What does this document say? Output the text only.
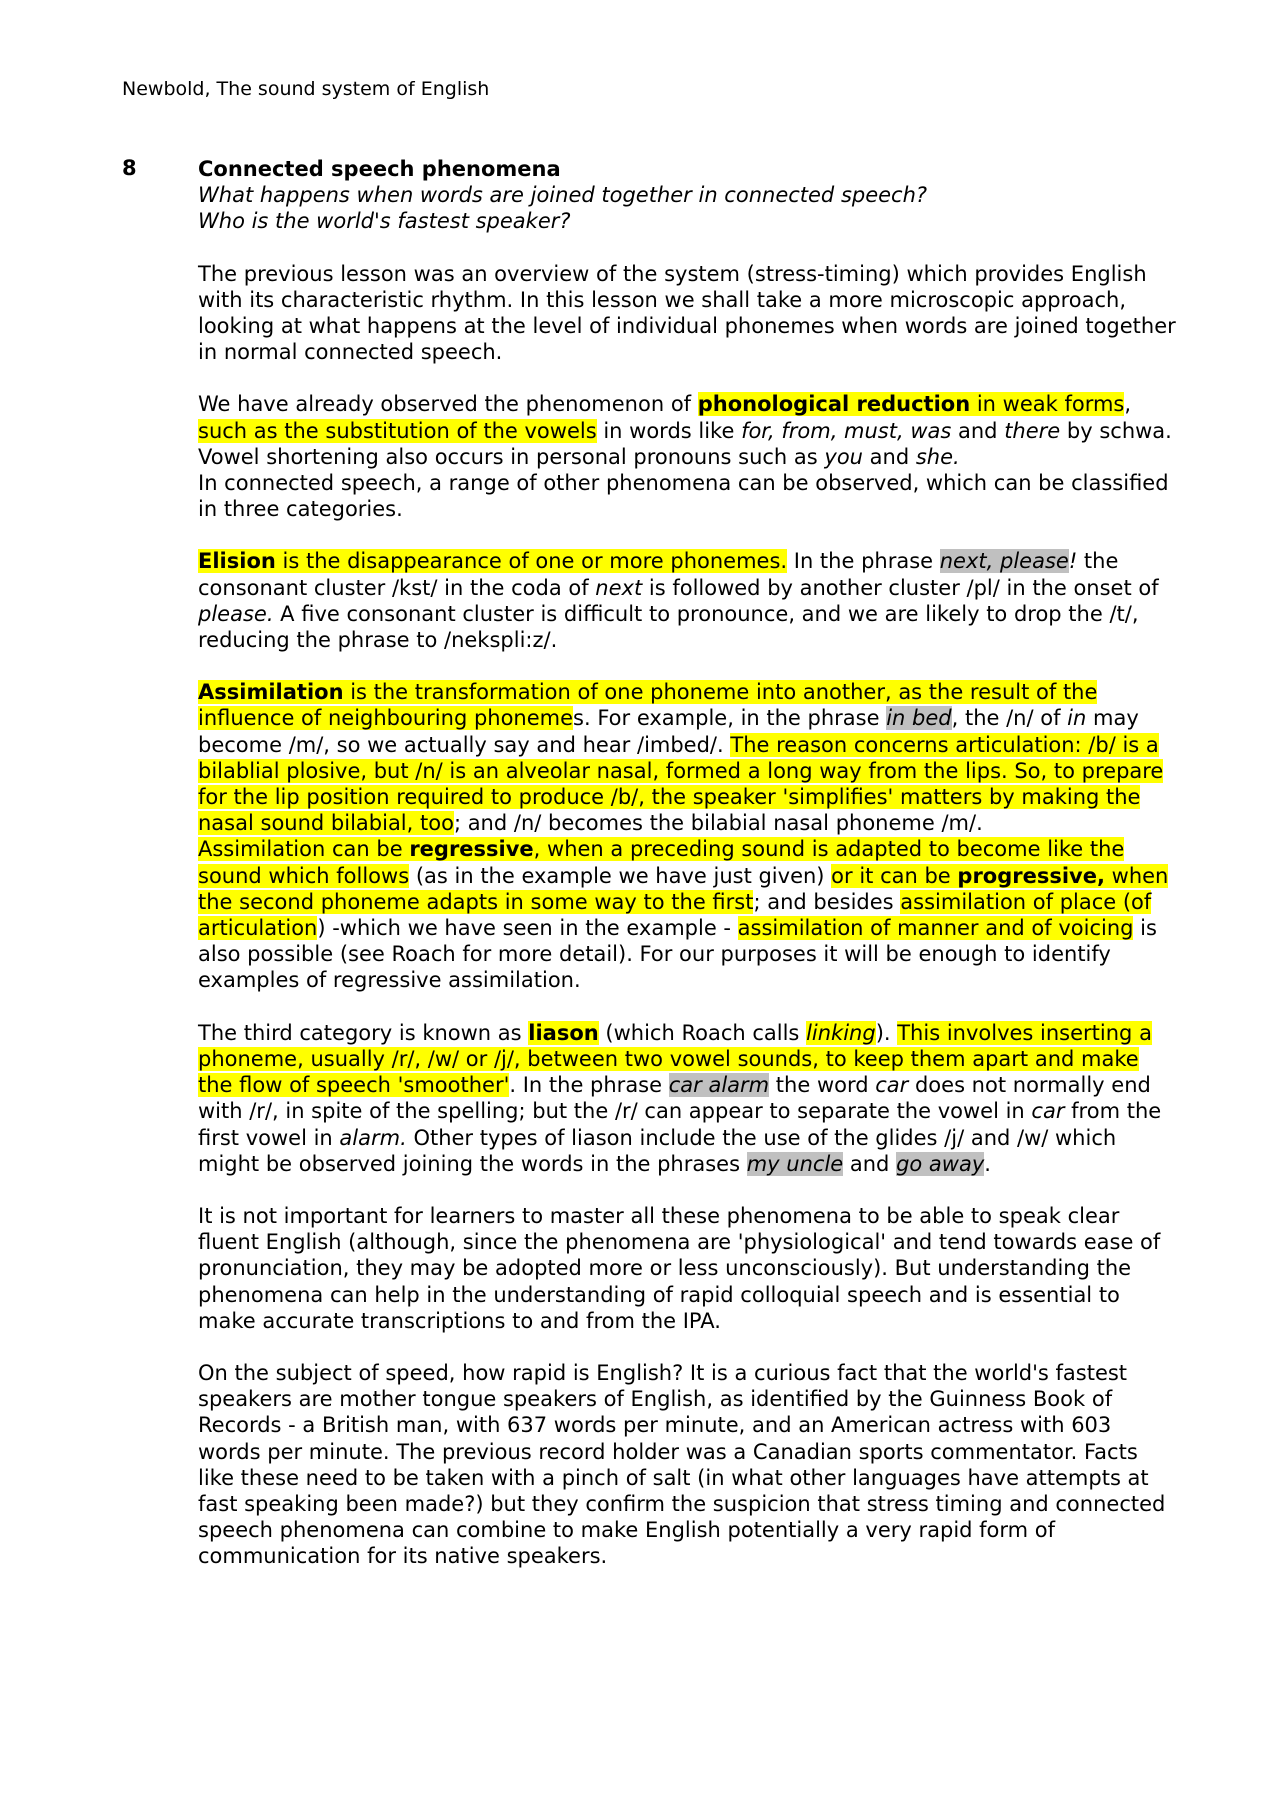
Newbold, The sound system of English
8	Connected speech phenomena

What happens when words are joined together in connected speech?

Who is the world's fastest speaker?

The previous lesson was an overview of the system (stress-timing) which provides English with its characteristic rhythm. In this lesson we shall take a more microscopic approach, looking at what happens at the level of individual phonemes when words are joined together in normal connected speech.

We have already observed the phenomenon of phonological reduction in weak forms, such as the substitution of the vowels in words like for, from, must, was and there by schwa. Vowel shortening also occurs in personal pronouns such as you and she.
In connected speech, a range of other phenomena can be observed, which can be classified in three categories.

Elision is the disappearance of one or more phonemes. In the phrase next, please! the consonant cluster /kst/ in the coda of next is followed by another cluster /pl/ in the onset of please. A five consonant cluster is difficult to pronounce, and we are likely to drop the /t/, reducing the phrase to /nekspli:z/.

Assimilation is the transformation of one phoneme into another, as the result of the influence of neighbouring phonemes. For example, in the phrase in bed, the /n/ of in may become /m/, so we actually say and hear /imbed/. The reason concerns articulation: /b/ is a bilablial plosive, but /n/ is an alveolar nasal, formed a long way from the lips. So, to prepare for the lip position required to produce /b/, the speaker 'simplifies' matters by making the nasal sound bilabial, too; and /n/ becomes the bilabial nasal phoneme /m/.
Assimilation can be regressive, when a preceding sound is adapted to become like the sound which follows (as in the example we have just given) or it can be progressive, when the second phoneme adapts in some way to the first; and besides assimilation of place (of articulation) -which we have seen in the example - assimilation of manner and of voicing is also possible (see Roach for more detail). For our purposes it will be enough to identify examples of regressive assimilation.

The third category is known as liason (which Roach calls linking). This involves inserting a phoneme, usually /r/, /w/ or /j/, between two vowel sounds, to keep them apart and make the flow of speech 'smoother'. In the phrase car alarm the word car does not normally end with /r/, in spite of the spelling; but the /r/ can appear to separate the vowel in car from the first vowel in alarm. Other types of liason include the use of the glides /j/ and /w/ which might be observed joining the words in the phrases my uncle and go away.

It is not important for learners to master all these phenomena to be able to speak clear fluent English (although, since the phenomena are 'physiological' and tend towards ease of pronunciation, they may be adopted more or less unconsciously). But understanding the phenomena can help in the understanding of rapid colloquial speech and is essential to make accurate transcriptions to and from the IPA.

On the subject of speed, how rapid is English? It is a curious fact that the world's fastest speakers are mother tongue speakers of English, as identified by the Guinness Book of Records - a British man, with 637 words per minute, and an American actress with 603 words per minute. The previous record holder was a Canadian sports commentator. Facts like these need to be taken with a pinch of salt (in what other languages have attempts at fast speaking been made?) but they confirm the suspicion that stress timing and connected speech phenomena can combine to make English potentially a very rapid form of communication for its native speakers.
